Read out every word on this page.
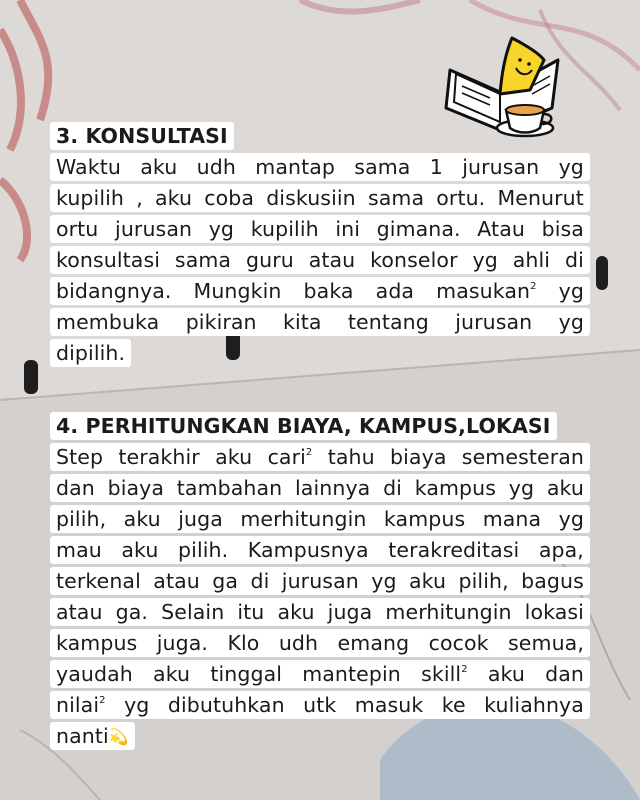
3. KONSULTASI
Waktu aku udh mantap sama 1 jurusan yg
kupilih , aku coba diskusiin sama ortu. Menurut
ortu jurusan yg kupilih ini gimana. Atau bisa
konsultasi sama guru atau konselor yg ahli di
bidangnya. Mungkin baka ada masukan$^2$ yg
membuka pikiran kita tentang jurusan yg
dipilih.
4. PERHITUNGKAN BIAYA, KAMPUS,LOKASI
Step terakhir aku cari$^2$ tahu biaya semesteran
dan biaya tambahan lainnya di kampus yg aku
pilih, aku juga merhitungin kampus mana yg
mau aku pilih. Kampusnya terakreditasi apa,
terkenal atau ga di jurusan yg aku pilih, bagus
atau ga. Selain itu aku juga merhitungin lokasi
kampus juga. Klo udh emang cocok semua,
yaudah aku tinggal mantepin skill$^2$ aku dan
nilai$^2$ yg dibutuhkan utk masuk ke kuliahnya
nanti💫
